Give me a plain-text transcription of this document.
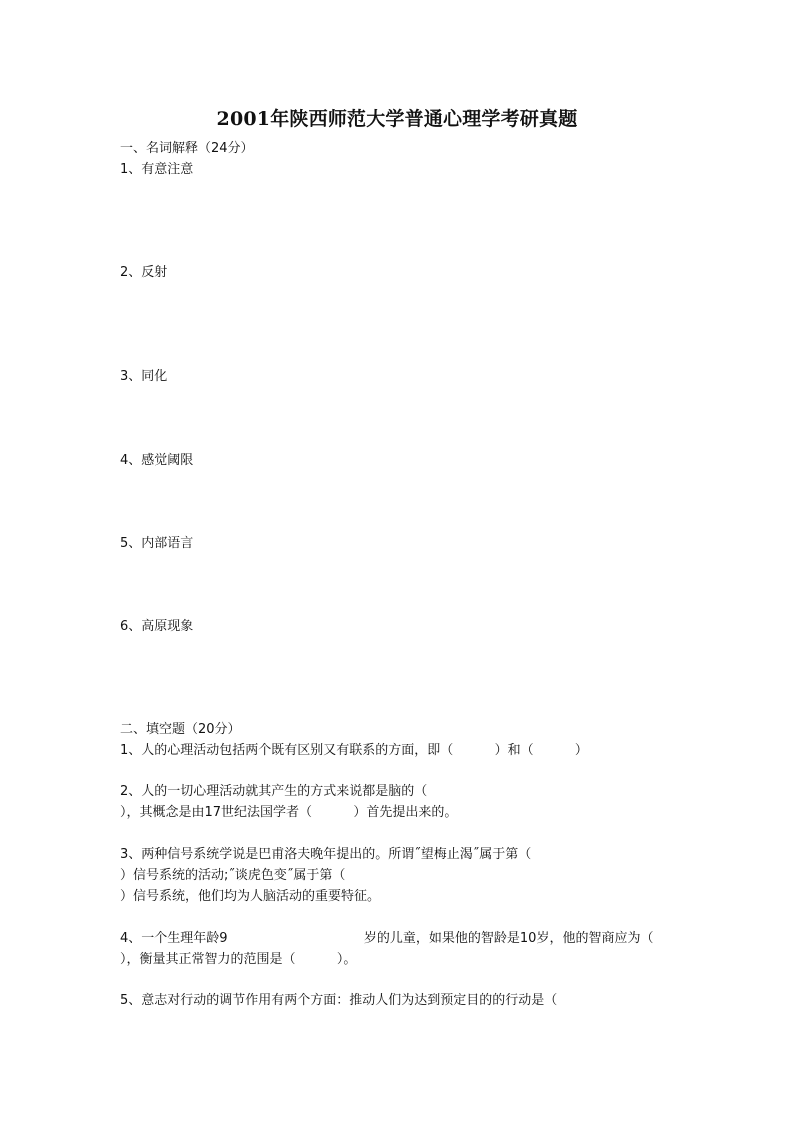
2001年陕西师范大学普通心理学考研真题
一、名词解释（24分）
1、有意注意
2、反射
3、同化
4、感觉阈限
5、内部语言
6、高原现象
二、填空题（20分）
1、人的心理活动包括两个既有区别又有联系的方面，即（          ）和（          ）
2、人的一切心理活动就其产生的方式来说都是脑的（
），其概念是由17世纪法国学者（          ）首先提出来的。
3、两种信号系统学说是巴甫洛夫晚年提出的。所谓˝望梅止渴˝属于第（
）信号系统的活动;˝谈虎色变˝属于第（
）信号系统，他们均为人脑活动的重要特征。
4、一个生理年龄9                                 岁的儿童，如果他的智龄是10岁，他的智商应为（
），衡量其正常智力的范围是（          ）。
5、意志对行动的调节作用有两个方面：推动人们为达到预定目的的行动是（
